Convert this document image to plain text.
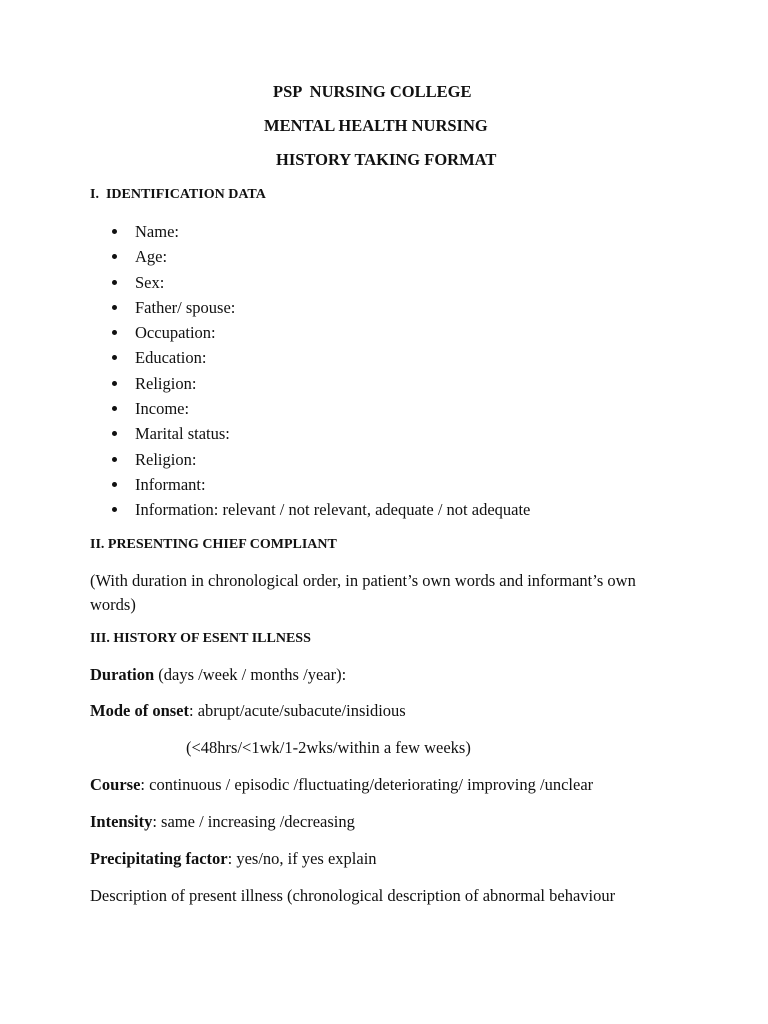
PSP  NURSING COLLEGE
MENTAL HEALTH NURSING
HISTORY TAKING FORMAT
I.  IDENTIFICATION DATA
Name:
Age:
Sex:
Father/ spouse:
Occupation:
Education:
Religion:
Income:
Marital status:
Religion:
Informant:
Information: relevant / not relevant, adequate / not adequate
II. PRESENTING CHIEF COMPLIANT
(With duration in chronological order, in patient’s own words and informant’s own
words)
III. HISTORY OF ESENT ILLNESS
Duration (days /week / months /year):
Mode of onset: abrupt/acute/subacute/insidious
(<48hrs/<1wk/1-2wks/within a few weeks)
Course: continuous / episodic /fluctuating/deteriorating/ improving /unclear
Intensity: same / increasing /decreasing
Precipitating factor: yes/no, if yes explain
Description of present illness (chronological description of abnormal behaviour
